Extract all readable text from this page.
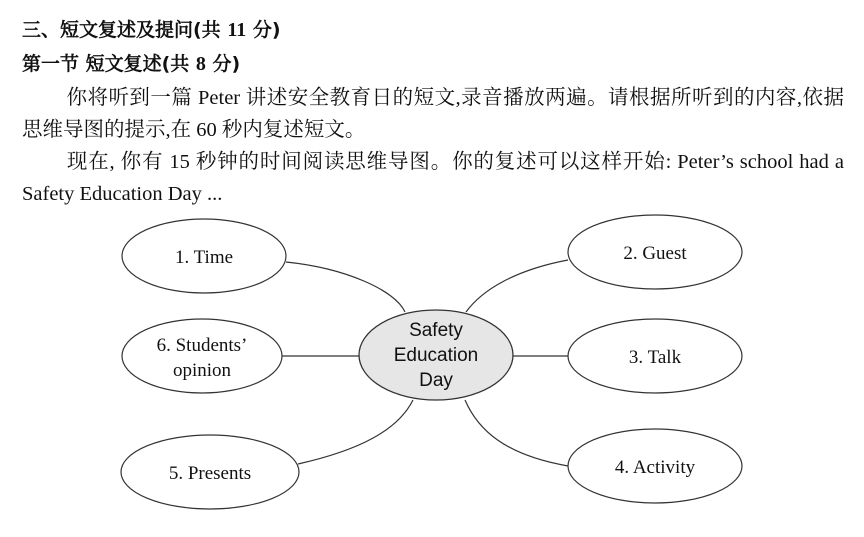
三、短文复述及提问(共 11 分)
第一节 短文复述(共 8 分)
你将听到一篇 Peter 讲述安全教育日的短文,录音播放两遍。请根据所听到的内容,依据思维导图的提示,在 60 秒内复述短文。
现在, 你有 15 秒钟的时间阅读思维导图。你的复述可以这样开始: Peter’s school had a Safety Education Day ...
Safety
Education
Day
1. Time	2. Guest
6. Students’
opinion
3. Talk
5. Presents	4. Activity
